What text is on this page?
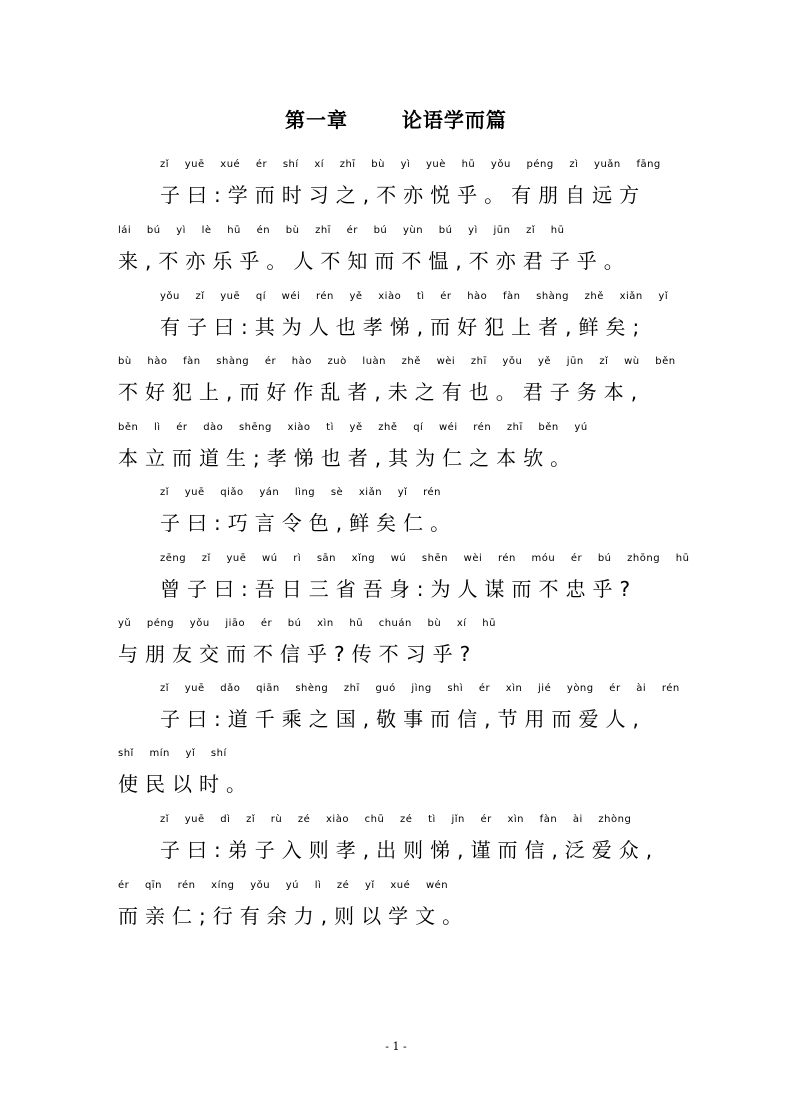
第一章   论语学而篇
zǐ yuē xué ér shí xí zhī bù yì yuè hū yǒu péng zì yuǎn fāng
子曰:学而时习之,不亦悦乎。有朋自远方
lái bú yì lè hū én bù zhī ér bú yùn bú yì jūn zǐ hū
来,不亦乐乎。人不知而不愠,不亦君子乎。
yǒu zǐ yuē qí wéi rén yě xiào tì ér hào fàn shàng zhě xiǎn yǐ
有子曰:其为人也孝悌,而好犯上者,鲜矣;
bù hào fàn shàng ér hào zuò luàn zhě wèi zhī yǒu yě jūn zǐ wù běn
不好犯上,而好作乱者,未之有也。君子务本,
běn lì ér dào shēng xiào tì yě zhě qí wéi rén zhī běn yú
本立而道生;孝悌也者,其为仁之本欤。
zǐ yuē qiǎo yán lìng sè xiǎn yǐ rén
子曰:巧言令色,鲜矣仁。
zēng zǐ yuē wú rì sān xǐng wú shēn wèi rén móu ér bú zhōng hū
曾子曰:吾日三省吾身:为人谋而不忠乎?
yǔ péng yǒu jiāo ér bú xìn hū chuán bù xí hū
与朋友交而不信乎?传不习乎?
zǐ yuē dǎo qiān shèng zhī guó jìng shì ér xìn jié yòng ér ài rén
子曰:道千乘之国,敬事而信,节用而爱人,
shǐ mín yǐ shí
使民以时。
zǐ yuē dì zǐ rù zé xiào chū zé tì jǐn ér xìn fàn ài zhòng
子曰:弟子入则孝,出则悌,谨而信,泛爱众,
ér qīn rén xíng yǒu yú lì zé yǐ xué wén
而亲仁;行有余力,则以学文。
- 1 -
